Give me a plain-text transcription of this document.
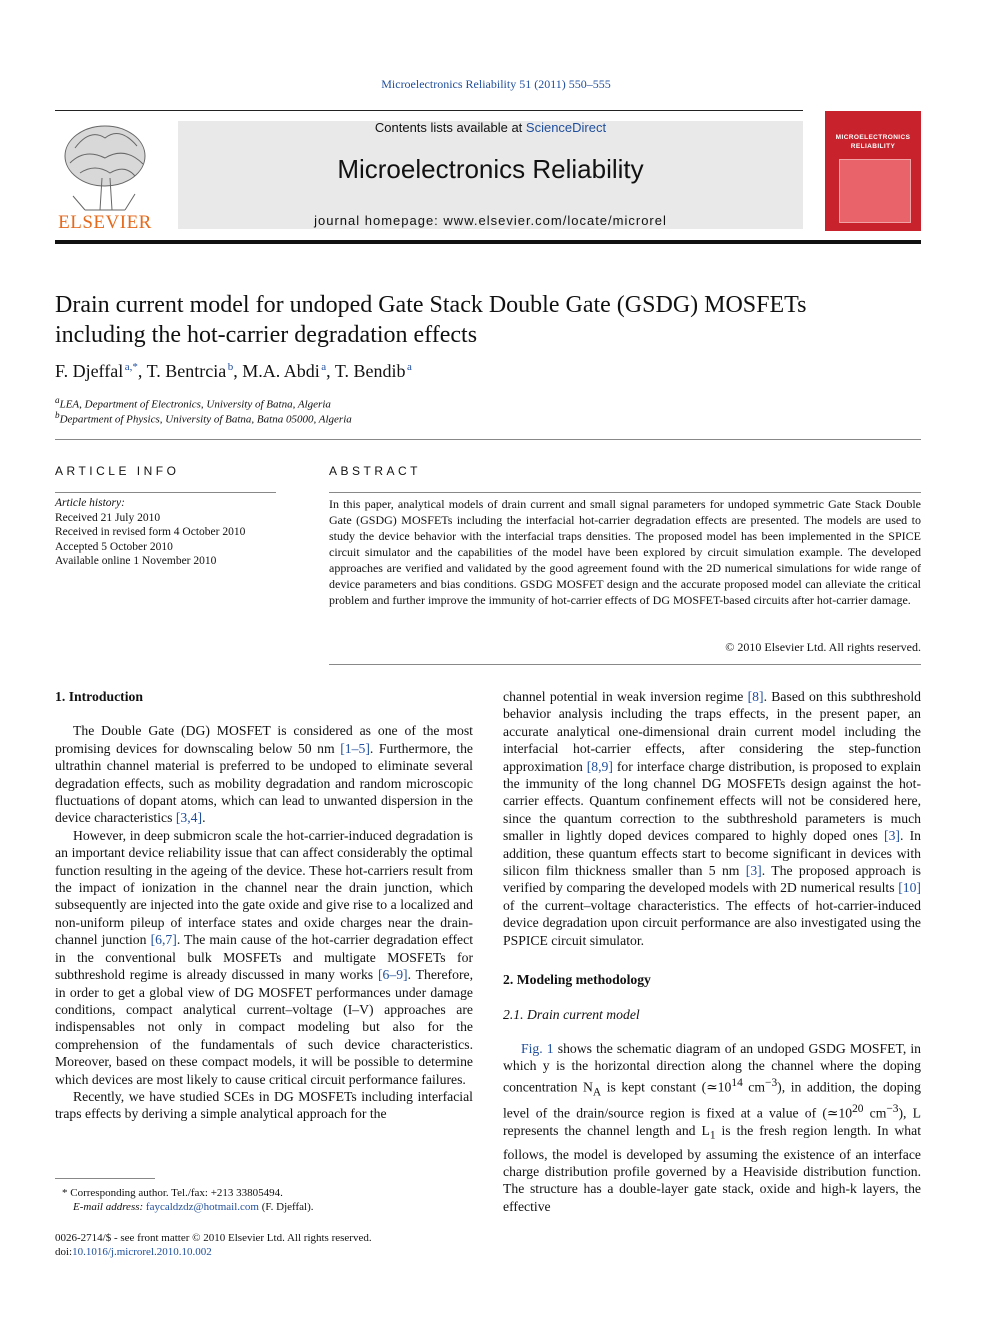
Microelectronics Reliability 51 (2011) 550–555
ELSEVIER
Contents lists available at ScienceDirect
Microelectronics Reliability
journal homepage: www.elsevier.com/locate/microrel
MICROELECTRONICS
RELIABILITY
Drain current model for undoped Gate Stack Double Gate (GSDG) MOSFETs
including the hot-carrier degradation effects
F. Djeffal  $^{a,*}$, T. Bentrcia  $^b$, M.A. Abdi  $^a$, T. Bendib  $^a$
$^a$LEA, Department of Electronics, University of Batna, Algeria
$^b$Department of Physics, University of Batna, Batna 05000, Algeria
ARTICLE INFO
Article history:
Received 21 July 2010
Received in revised form 4 October 2010
Accepted 5 October 2010
Available online 1 November 2010
ABSTRACT
In this paper, analytical models of drain current and small signal parameters for undoped symmetric Gate Stack Double Gate (GSDG) MOSFETs including the interfacial hot-carrier degradation effects are presented. The models are used to study the device behavior with the interfacial traps densities. The proposed model has been implemented in the SPICE circuit simulator and the capabilities of the model have been explored by circuit simulation example. The developed approaches are verified and validated by the good agreement found with the 2D numerical simulations for wide range of device parameters and bias conditions. GSDG MOSFET design and the accurate proposed model can alleviate the critical problem and further improve the immunity of hot-carrier effects of DG MOSFET-based circuits after hot-carrier damage.
© 2010 Elsevier Ltd. All rights reserved.
1. Introduction

The Double Gate (DG) MOSFET is considered as one of the most promising devices for downscaling below 50 nm [1–5]. Furthermore, the ultrathin channel material is preferred to be undoped to eliminate several degradation effects, such as mobility degradation and random microscopic fluctuations of dopant atoms, which can lead to unwanted dispersion in the device characteristics [3,4].

However, in deep submicron scale the hot-carrier-induced degradation is an important device reliability issue that can affect considerably the optimal function resulting in the ageing of the device. These hot-carriers result from the impact of ionization in the channel near the drain junction, which subsequently are injected into the gate oxide and give rise to a localized and non-uniform pileup of interface states and oxide charges near the drain-channel junction [6,7]. The main cause of the hot-carrier degradation effect in the conventional bulk MOSFETs and multigate MOSFETs for subthreshold regime is already discussed in many works [6–9]. Therefore, in order to get a global view of DG MOSFET performances under damage conditions, compact analytical current–voltage (I–V) approaches are indispensables not only in compact modeling but also for the comprehension of the fundamentals of such device characteristics. Moreover, based on these compact models, it will be possible to determine which devices are most likely to cause critical circuit performance failures.

Recently, we have studied SCEs in DG MOSFETs including interfacial traps effects by deriving a simple analytical approach for the

channel potential in weak inversion regime [8]. Based on this subthreshold behavior analysis including the traps effects, in the present paper, an accurate analytical one-dimensional drain current model including the interfacial hot-carrier effects, after considering the step-function approximation [8,9] for interface charge distribution, is proposed to explain the immunity of the long channel DG MOSFETs design against the hot-carrier effects. Quantum confinement effects will not be considered here, since the quantum correction to the subthreshold parameters is much smaller in lightly doped devices compared to highly doped ones [3]. In addition, these quantum effects start to become significant in devices with silicon film thickness smaller than 5 nm [3]. The proposed approach is verified by comparing the developed models with 2D numerical results [10] of the current–voltage characteristics. The effects of hot-carrier-induced device degradation upon circuit performance are also investigated using the PSPICE circuit simulator.

2. Modeling methodology
2.1. Drain current model

Fig. 1 shows the schematic diagram of an undoped GSDG MOSFET, in which y is the horizontal direction along the channel where the doping concentration $N_A$ is kept constant ($≃10^{14}$ $cm^{-3}$), in addition, the doping level of the drain/source region is fixed at a value of ($≃10^{20}$ $cm^{-3}$), L represents the channel length and $L_1$ is the fresh region length. In what follows, the model is developed by assuming the existence of an interface charge distribution profile governed by a Heaviside distribution function. The structure has a double-layer gate stack, oxide and high-k layers, the effective

* Corresponding author. Tel./fax: +213 33805494.
E-mail address: faycaldzdz@hotmail.com (F. Djeffal).
0026-2714/$ - see front matter © 2010 Elsevier Ltd. All rights reserved.
doi:10.1016/j.microrel.2010.10.002
